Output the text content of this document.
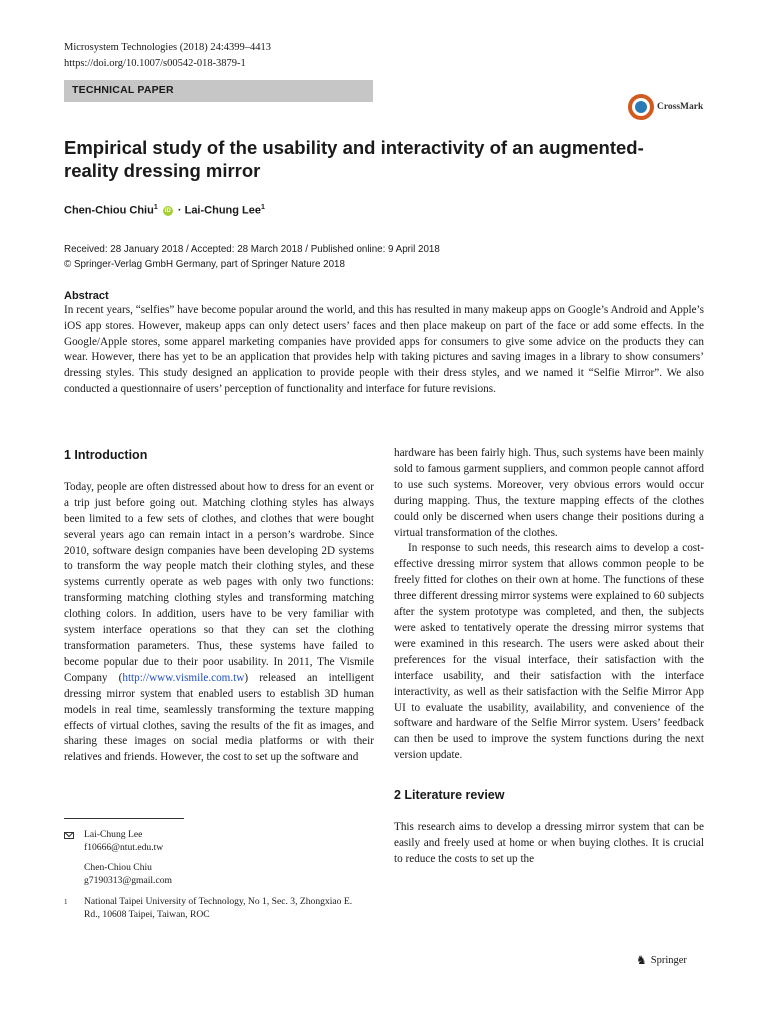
Microsystem Technologies (2018) 24:4399–4413
https://doi.org/10.1007/s00542-018-3879-1
TECHNICAL PAPER
CrossMark
Empirical study of the usability and interactivity of an augmented-reality dressing mirror
Chen-Chiou Chiu$^1$ iD · Lai-Chung Lee$^1$
Received: 28 January 2018 / Accepted: 28 March 2018 / Published online: 9 April 2018
© Springer-Verlag GmbH Germany, part of Springer Nature 2018
Abstract

In recent years, “selfies” have become popular around the world, and this has resulted in many makeup apps on Google’s Android and Apple’s iOS app stores. However, makeup apps can only detect users’ faces and then place makeup on part of the face or add some effects. In the Google/Apple stores, some apparel marketing companies have provided apps for consumers to give some advice on the products they can wear. However, there has yet to be an application that provides help with taking pictures and saving images in a library to show consumers’ dressing styles. This study designed an application to provide people with their dress styles, and we named it “Selfie Mirror”. We also conducted a questionnaire of users’ perception of functionality and interface for future revisions.

1 Introduction

Today, people are often distressed about how to dress for an event or a trip just before going out. Matching clothing styles has always been limited to a few sets of clothes, and clothes that were bought several years ago can remain intact in a person’s wardrobe. Since 2010, software design companies have been developing 2D systems to transform the way people match their clothing styles, and these systems currently operate as web pages with only two functions: transforming matching clothing styles and transforming matching clothing colors. In addition, users have to be very familiar with system interface operations so that they can set the clothing transformation parameters. Thus, these systems have failed to become popular due to their poor usability. In 2011, The Vismile Company (http://www.vismile.com.tw) released an intelligent dressing mirror system that enabled users to establish 3D human models in real time, seamlessly transforming the texture mapping effects of virtual clothes, saving the results of the fit as images, and sharing these images on social media platforms or with their relatives and friends. However, the cost to set up the software and

hardware has been fairly high. Thus, such systems have been mainly sold to famous garment suppliers, and common people cannot afford to use such systems. Moreover, very obvious errors would occur during mapping. Thus, the texture mapping effects of the clothes could only be discerned when users change their positions during a virtual transformation of the clothes.

In response to such needs, this research aims to develop a cost-effective dressing mirror system that allows common people to be freely fitted for clothes on their own at home. The functions of these three different dressing mirror systems were explained to 60 subjects after the system prototype was completed, and then, the subjects were asked to tentatively operate the dressing mirror systems that were examined in this research. The users were asked about their preferences for the visual interface, their satisfaction with the interface usability, and their satisfaction with the interface interactivity, as well as their satisfaction with the Selfie Mirror App UI to evaluate the usability, availability, and convenience of the software and hardware of the Selfie Mirror system. Users’ feedback can then be used to improve the system functions during the next version update.

2 Literature review

This research aims to develop a dressing mirror system that can be easily and freely used at home or when buying clothes. It is crucial to reduce the costs to set up the

Lai-Chung Lee
f10666@ntut.edu.tw
Chen-Chiou Chiu
g7190313@gmail.com
1	National Taipei University of Technology, No 1, Sec. 3, Zhongxiao E. Rd., 10608 Taipei, Taiwan, ROC
♞ Springer
